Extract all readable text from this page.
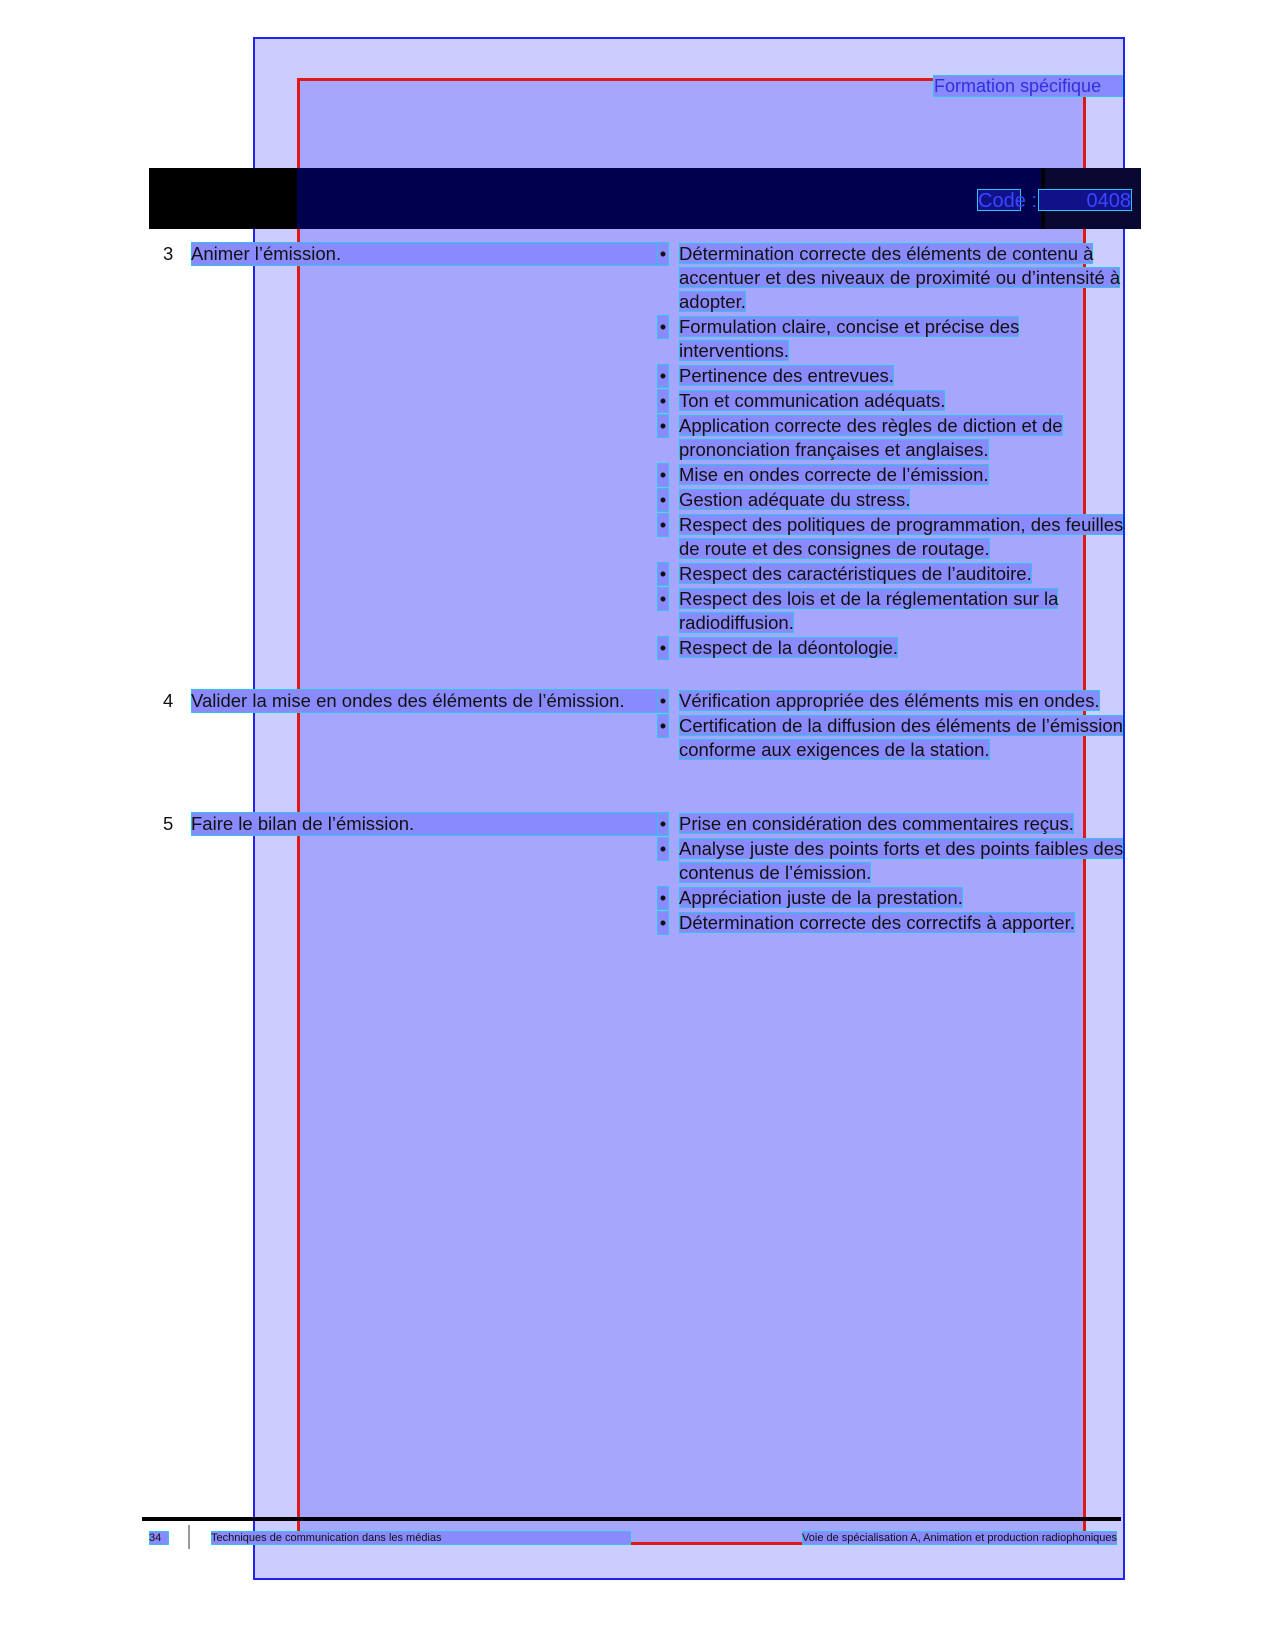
Formation spécifique
Code :	0408
3 Animer l’émission.	• Détermination correcte des éléments de contenu à accentuer et des niveaux de proximité ou d’intensité à adopter.
• Formulation claire, concise et précise des interventions.
• Pertinence des entrevues.
• Ton et communication adéquats.
• Application correcte des règles de diction et de prononciation françaises et anglaises.
• Mise en ondes correcte de l’émission.
• Gestion adéquate du stress.
• Respect des politiques de programmation, des feuilles de route et des consignes de routage.
• Respect des caractéristiques de l’auditoire.
• Respect des lois et de la réglementation sur la radiodiffusion.
• Respect de la déontologie.
4 Valider la mise en ondes des éléments de l’émission.	• Vérification appropriée des éléments mis en ondes.
• Certification de la diffusion des éléments de l’émission conforme aux exigences de la station.
5 Faire le bilan de l’émission.	• Prise en considération des commentaires reçus.
• Analyse juste des points forts et des points faibles des contenus de l’émission.
• Appréciation juste de la prestation.
• Détermination correcte des correctifs à apporter.
34	Techniques de communication dans les médias	Voie de spécialisation A, Animation et production radiophoniques
